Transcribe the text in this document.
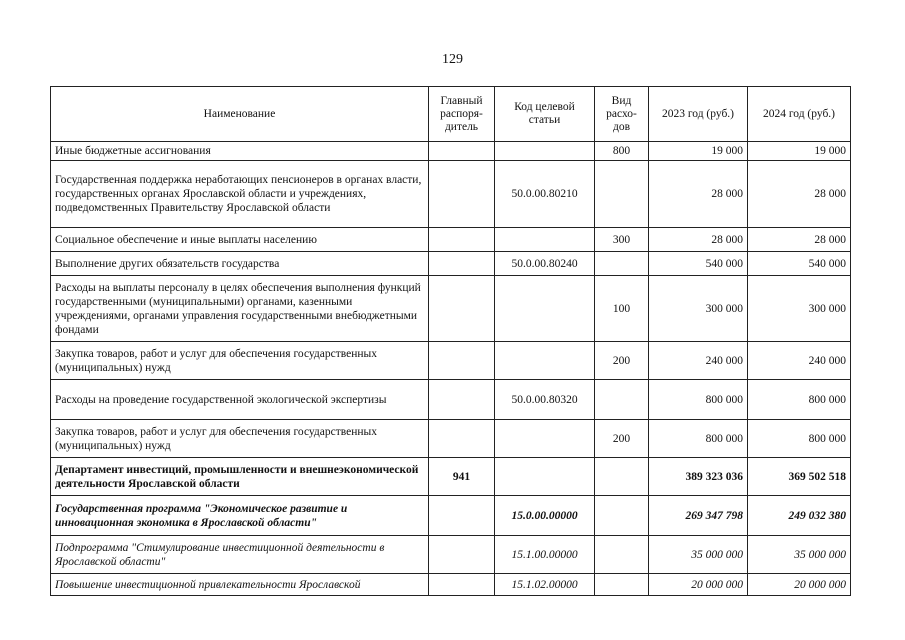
129
Наименование	Главный распоря-дитель	Код целевой статьи	Вид расхо-дов	2023 год (руб.)	2024 год (руб.)
Иные бюджетные ассигнования			800	19 000	19 000
Государственная поддержка неработающих пенсионеров в органах власти, государственных органах Ярославской области и учреждениях, подведомственных Правительству Ярославской области		50.0.00.80210		28 000	28 000
Социальное обеспечение и иные выплаты населению			300	28 000	28 000
Выполнение других обязательств государства		50.0.00.80240		540 000	540 000
Расходы на выплаты персоналу в целях обеспечения выполнения функций государственными (муниципальными) органами, казенными учреждениями, органами управления государственными внебюджетными фондами			100	300 000	300 000
Закупка товаров, работ и услуг для обеспечения государственных (муниципальных) нужд			200	240 000	240 000
Расходы на проведение государственной экологической экспертизы		50.0.00.80320		800 000	800 000
Закупка товаров, работ и услуг для обеспечения государственных (муниципальных) нужд			200	800 000	800 000
Департамент инвестиций, промышленности и внешнеэкономической деятельности Ярославской области	941			389 323 036	369 502 518
Государственная программа "Экономическое развитие и инновационная экономика в Ярославской области"		15.0.00.00000		269 347 798	249 032 380
Подпрограмма "Стимулирование инвестиционной деятельности в Ярославской области"		15.1.00.00000		35 000 000	35 000 000
Повышение инвестиционной привлекательности Ярославской		15.1.02.00000		20 000 000	20 000 000
